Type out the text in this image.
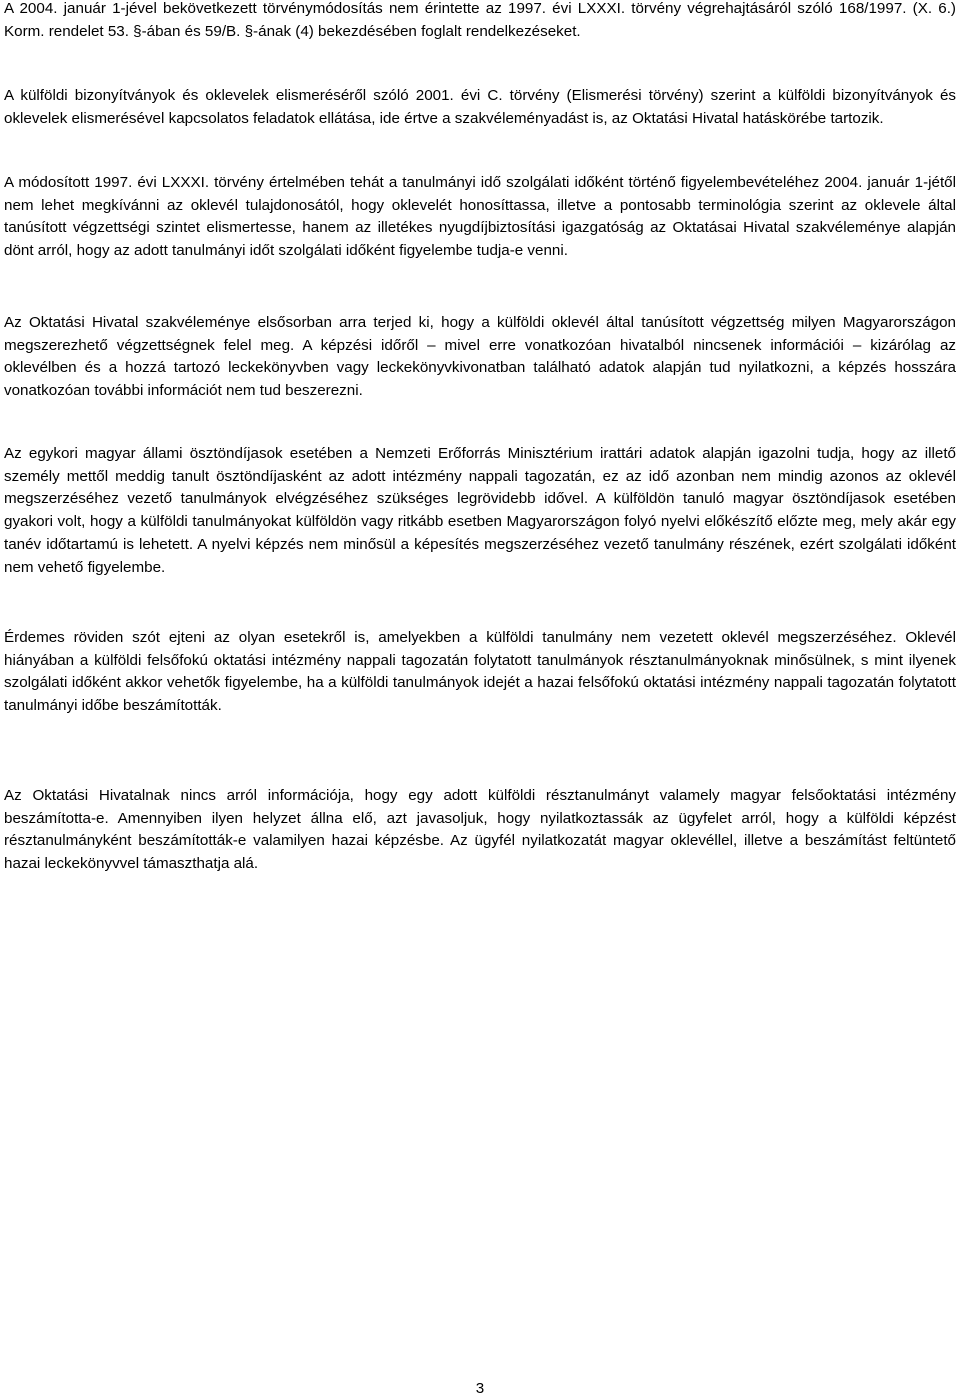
A 2004. január 1-jével bekövetkezett törvénymódosítás nem érintette az 1997. évi LXXXI. törvény végrehajtásáról szóló 168/1997. (X. 6.) Korm. rendelet 53. §-ában és 59/B. §-ának (4) bekezdésében foglalt rendelkezéseket.

A külföldi bizonyítványok és oklevelek elismeréséről szóló 2001. évi C. törvény (Elismerési törvény) szerint a külföldi bizonyítványok és oklevelek elismerésével kapcsolatos feladatok ellátása, ide értve a szakvéleményadást is, az Oktatási Hivatal hatáskörébe tartozik.

A módosított 1997. évi LXXXI. törvény értelmében tehát a tanulmányi idő szolgálati időként történő figyelembevételéhez 2004. január 1-jétől nem lehet megkívánni az oklevél tulajdonosától, hogy oklevelét honosíttassa, illetve a pontosabb terminológia szerint az oklevele által tanúsított végzettségi szintet elismertesse, hanem az illetékes nyugdíjbiztosítási igazgatóság az Oktatásai Hivatal szakvéleménye alapján dönt arról, hogy az adott tanulmányi időt szolgálati időként figyelembe tudja-e venni.

Az Oktatási Hivatal szakvéleménye elsősorban arra terjed ki, hogy a külföldi oklevél által tanúsított végzettség milyen Magyarországon megszerezhető végzettségnek felel meg. A képzési időről – mivel erre vonatkozóan hivatalból nincsenek információi – kizárólag az oklevélben és a hozzá tartozó leckekönyvben vagy leckekönyvkivonatban található adatok alapján tud nyilatkozni, a képzés hosszára vonatkozóan további információt nem tud beszerezni.

Az egykori magyar állami ösztöndíjasok esetében a Nemzeti Erőforrás Minisztérium irattári adatok alapján igazolni tudja, hogy az illető személy mettől meddig tanult ösztöndíjasként az adott intézmény nappali tagozatán, ez az idő azonban nem mindig azonos az oklevél megszerzéséhez vezető tanulmányok elvégzéséhez szükséges legrövidebb idővel. A külföldön tanuló magyar ösztöndíjasok esetében gyakori volt, hogy a külföldi tanulmányokat külföldön vagy ritkább esetben Magyarországon folyó nyelvi előkészítő előzte meg, mely akár egy tanév időtartamú is lehetett. A nyelvi képzés nem minősül a képesítés megszerzéséhez vezető tanulmány részének, ezért szolgálati időként nem vehető figyelembe.

Érdemes röviden szót ejteni az olyan esetekről is, amelyekben a külföldi tanulmány nem vezetett oklevél megszerzéséhez. Oklevél hiányában a külföldi felsőfokú oktatási intézmény nappali tagozatán folytatott tanulmányok résztanulmányoknak minősülnek, s mint ilyenek szolgálati időként akkor vehetők figyelembe, ha a külföldi tanulmányok idejét a hazai felsőfokú oktatási intézmény nappali tagozatán folytatott tanulmányi időbe beszámították.

Az Oktatási Hivatalnak nincs arról információja, hogy egy adott külföldi résztanulmányt valamely magyar felsőoktatási intézmény beszámította-e. Amennyiben ilyen helyzet állna elő, azt javasoljuk, hogy nyilatkoztassák az ügyfelet arról, hogy a külföldi képzést résztanulmányként beszámították-e valamilyen hazai képzésbe. Az ügyfél nyilatkozatát magyar oklevéllel, illetve a beszámítást feltüntető hazai leckekönyvvel támaszthatja alá.

3
